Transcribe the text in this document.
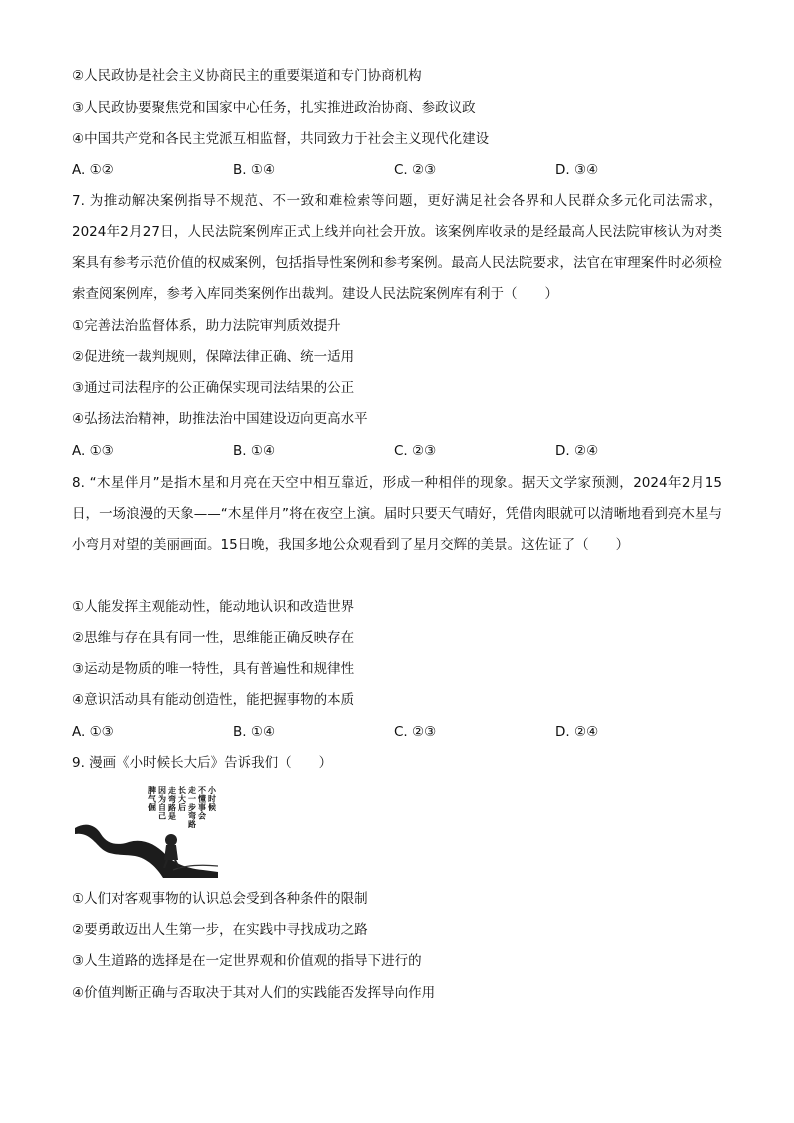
②人民政协是社会主义协商民主的重要渠道和专门协商机构
③人民政协要聚焦党和国家中心任务，扎实推进政治协商、参政议政
④中国共产党和各民主党派互相监督，共同致力于社会主义现代化建设
A. ①②	B. ①④	C. ②③	D. ③④
7. 为推动解决案例指导不规范、不一致和难检索等问题，更好满足社会各界和人民群众多元化司法需求，2024年2月27日，人民法院案例库正式上线并向社会开放。该案例库收录的是经最高人民法院审核认为对类案具有参考示范价值的权威案例，包括指导性案例和参考案例。最高人民法院要求，法官在审理案件时必须检索查阅案例库，参考入库同类案例作出裁判。建设人民法院案例库有利于（　　）
①完善法治监督体系，助力法院审判质效提升
②促进统一裁判规则，保障法律正确、统一适用
③通过司法程序的公正确保实现司法结果的公正
④弘扬法治精神，助推法治中国建设迈向更高水平
A. ①③	B. ①④	C. ②③	D. ②④
8. “木星伴月”是指木星和月亮在天空中相互靠近，形成一种相伴的现象。据天文学家预测，2024年2月15日，一场浪漫的天象——“木星伴月”将在夜空上演。届时只要天气晴好，凭借肉眼就可以清晰地看到亮木星与小弯月对望的美丽画面。15日晚，我国多地公众观看到了星月交辉的美景。这佐证了（　　）
①人能发挥主观能动性，能动地认识和改造世界
②思维与存在具有同一性，思维能正确反映存在
③运动是物质的唯一特性，具有普遍性和规律性
④意识活动具有能动创造性，能把握事物的本质
A. ①③	B. ①④	C. ②③	D. ②④
9. 漫画《小时候长大后》告诉我们（　　）
小时候 不懂事会 走一步弯路 长大后 走弯路是 因为自己 脾气倔
①人们对客观事物的认识总会受到各种条件的限制
②要勇敢迈出人生第一步，在实践中寻找成功之路
③人生道路的选择是在一定世界观和价值观的指导下进行的
④价值判断正确与否取决于其对人们的实践能否发挥导向作用
